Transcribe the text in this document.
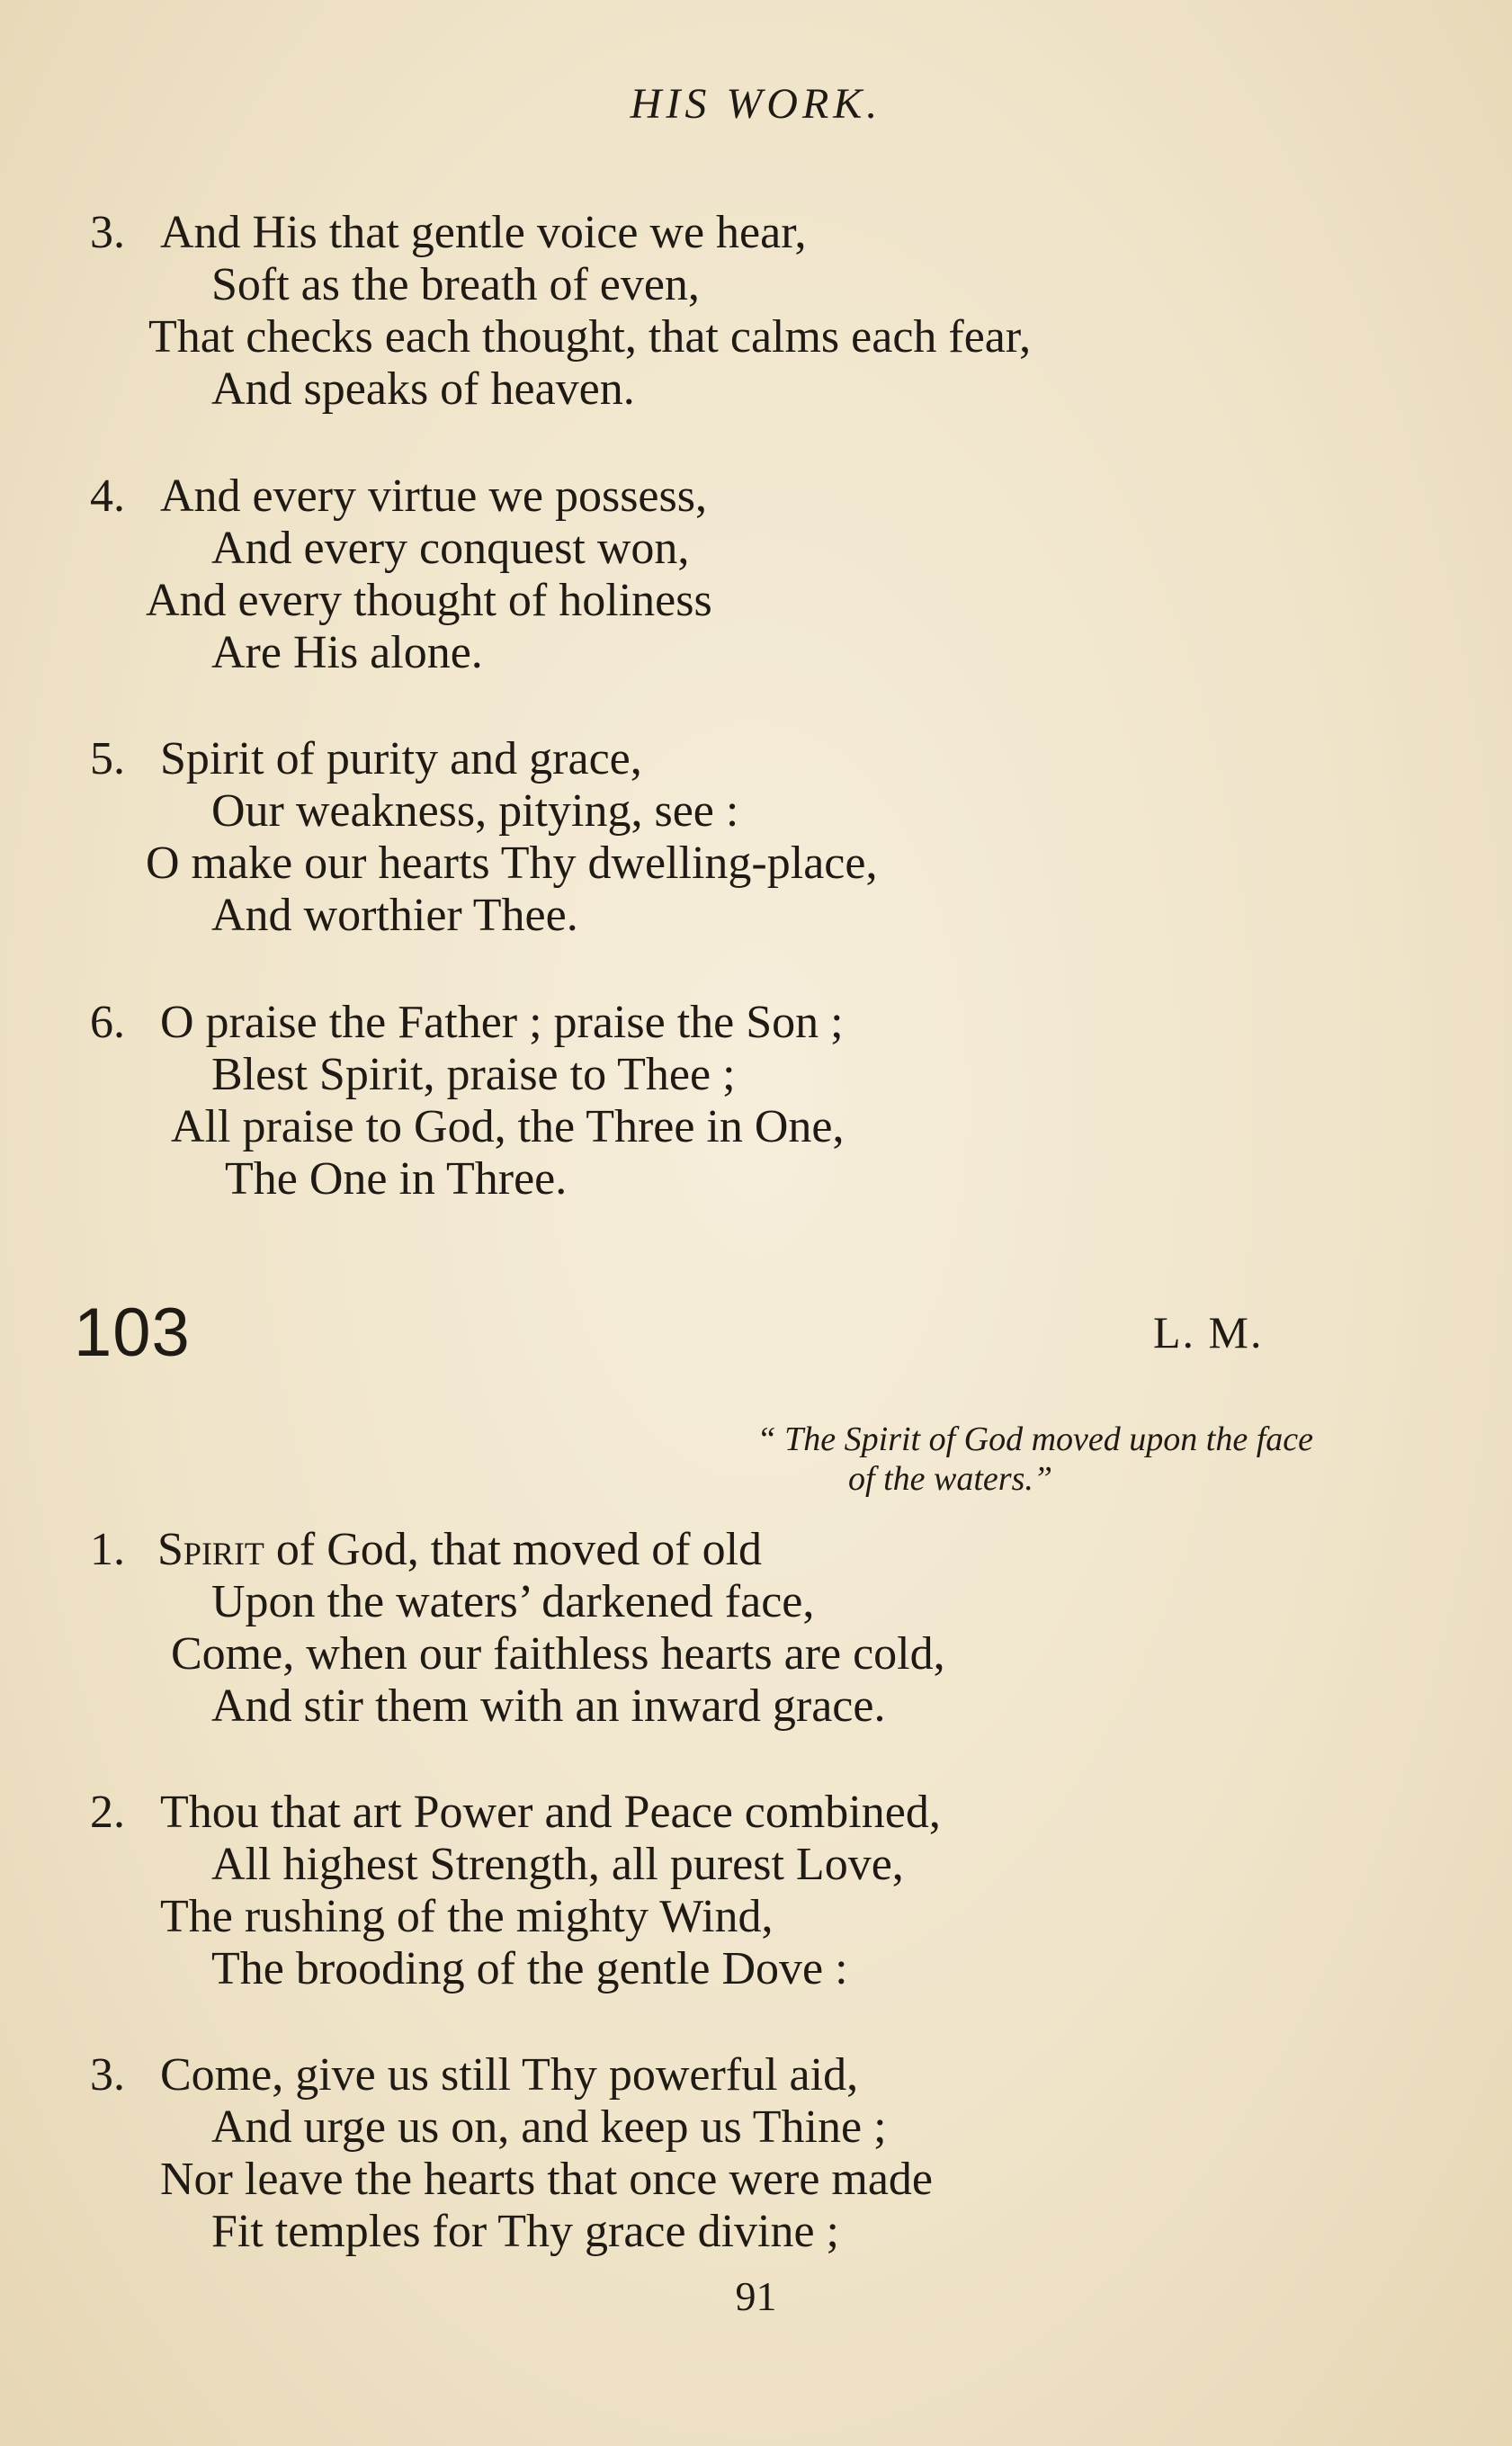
HIS WORK.
3. And His that gentle voice we hear,
Soft as the breath of even,
That checks each thought, that calms each fear,
And speaks of heaven.
4. And every virtue we possess,
And every conquest won,
And every thought of holiness
Are His alone.
5. Spirit of purity and grace,
Our weakness, pitying, see :
O make our hearts Thy dwelling-place,
And worthier Thee.
6. O praise the Father ; praise the Son ;
Blest Spirit, praise to Thee ;
All praise to God, the Three in One,
The One in Three.
103	L. M.
“ The Spirit of God moved upon the face
of the waters.”
1. Spirit of God, that moved of old
Upon the waters’ darkened face,
Come, when our faithless hearts are cold,
And stir them with an inward grace.
2. Thou that art Power and Peace combined,
All highest Strength, all purest Love,
The rushing of the mighty Wind,
The brooding of the gentle Dove :
3. Come, give us still Thy powerful aid,
And urge us on, and keep us Thine ;
Nor leave the hearts that once were made
Fit temples for Thy grace divine ;
91
